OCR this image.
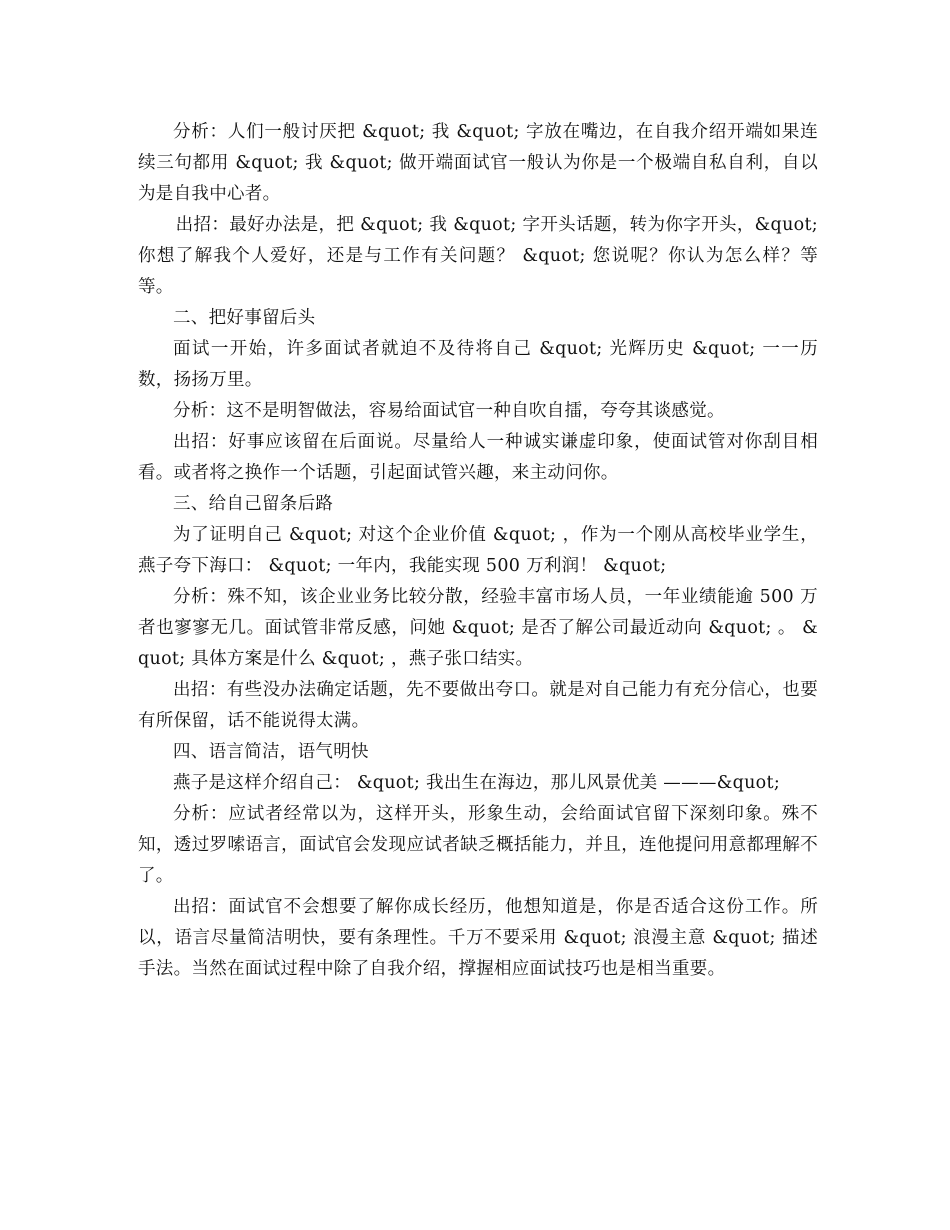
分析：人们一般讨厌把 &quot; 我 &quot; 字放在嘴边，在自我介绍开端如果连续三句都用 &quot; 我 &quot; 做开端面试官一般认为你是一个极端自私自利，自以为是自我中心者。

出招：最好办法是，把 &quot; 我 &quot; 字开头话题，转为你字开头，&quot; 你想了解我个人爱好，还是与工作有关问题？ &quot; 您说呢？你认为怎么样？等等。

二、把好事留后头

面试一开始，许多面试者就迫不及待将自己 &quot; 光辉历史 &quot; 一一历数，扬扬万里。

分析：这不是明智做法，容易给面试官一种自吹自擂，夸夸其谈感觉。

出招：好事应该留在后面说。尽量给人一种诚实谦虚印象，使面试管对你刮目相看。或者将之换作一个话题，引起面试管兴趣，来主动问你。

三、给自己留条后路

为了证明自己 &quot; 对这个企业价值 &quot; ，作为一个刚从高校毕业学生，燕子夸下海口： &quot; 一年内，我能实现 500 万利润！ &quot;

分析：殊不知，该企业业务比较分散，经验丰富市场人员，一年业绩能逾 500 万者也寥寥无几。面试管非常反感，问她 &quot; 是否了解公司最近动向 &quot; 。 &quot; 具体方案是什么 &quot; ，燕子张口结实。

出招：有些没办法确定话题，先不要做出夸口。就是对自己能力有充分信心，也要有所保留，话不能说得太满。

四、语言简洁，语气明快

燕子是这样介绍自己： &quot; 我出生在海边，那儿风景优美 ———&quot;

分析：应试者经常以为，这样开头，形象生动，会给面试官留下深刻印象。殊不知，透过罗嗦语言，面试官会发现应试者缺乏概括能力，并且，连他提问用意都理解不了。

出招：面试官不会想要了解你成长经历，他想知道是，你是否适合这份工作。所以，语言尽量简洁明快，要有条理性。千万不要采用 &quot; 浪漫主意 &quot; 描述手法。当然在面试过程中除了自我介绍，撑握相应面试技巧也是相当重要。
